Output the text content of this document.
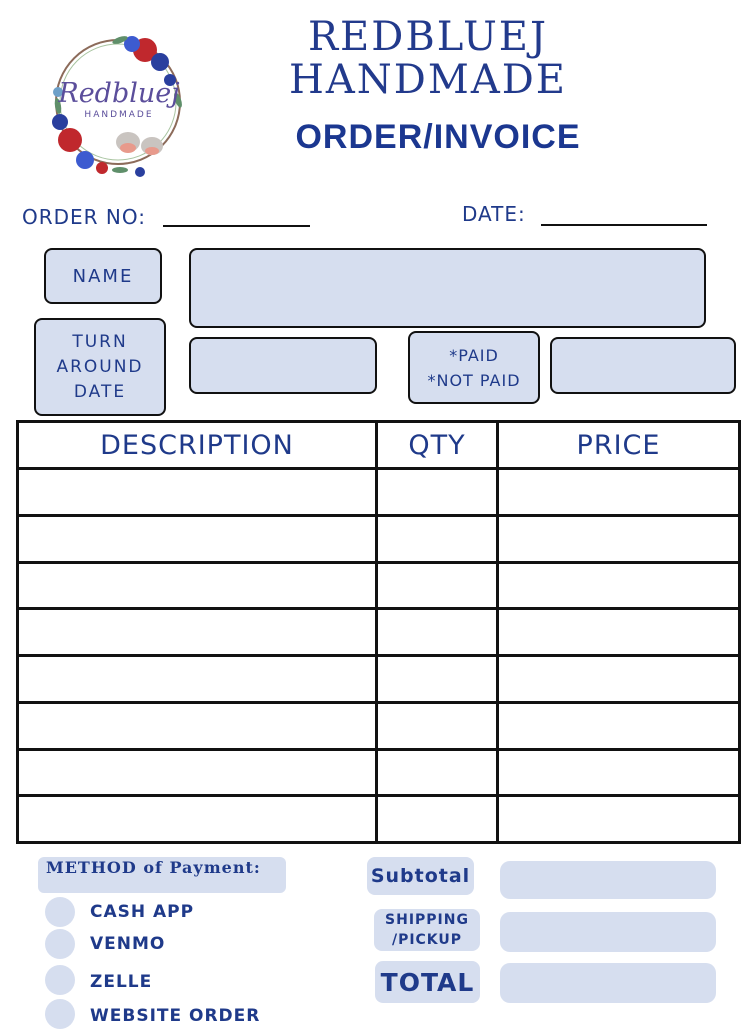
Redbluej
HANDMADE
REDBLUEJ
HANDMADE
ORDER/INVOICE
ORDER NO:	DATE:
NAME
TURN
AROUND
DATE
*PAID
*NOT PAID
DESCRIPTION	QTY	PRICE

METHOD of Payment:
CASH APP
VENMO
ZELLE
WEBSITE ORDER
Subtotal
SHIPPING
/PICKUP
TOTAL
